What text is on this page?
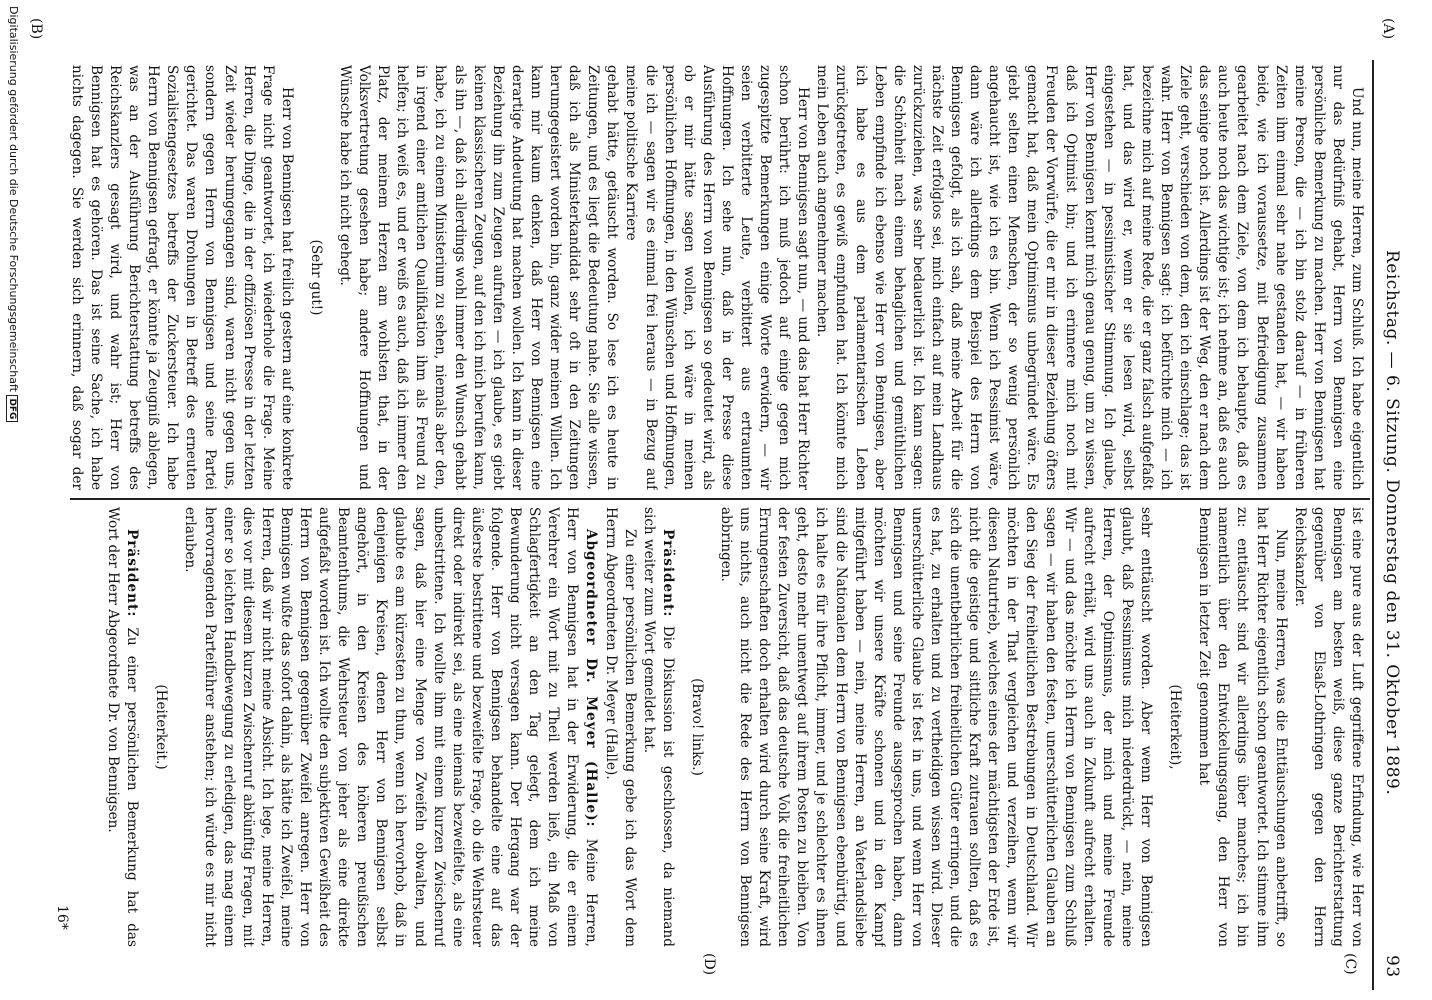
(A)
Reichstag. — 6. Sitzung. Donnerstag den 31. Oktober 1889.
93
(B)
(C)
(D)

Und nun, meine Herren, zum Schluß. Ich habe eigentlich nur das Bedürfniß gehabt, Herrn von Bennigsen eine persönliche Bemerkung zu machen. Herr von Bennigsen hat meine Person, die — ich bin stolz darauf — in früheren Zeiten ihm einmal sehr nahe gestanden hat, — wir haben beide, wie ich voraussetze, mit Befriedigung zusammen gearbeitet nach dem Ziele, von dem ich behaupte, daß es auch heute noch das wichtige ist; ich nehme an, daß es auch das seinige noch ist. Allerdings ist der Weg, den er nach dem Ziele geht, verschieden von dem, den ich einschlage; das ist wahr. Herr von Bennigsen sagt: ich befürchte mich — ich bezeichne mich auf meine Rede, die er ganz falsch aufgefaßt hat, und das wird er, wenn er sie lesen wird, selbst eingestehen — in pessimistischer Stimmung. Ich glaube, Herr von Bennigsen kennt mich genau genug, um zu wissen, daß ich Optimist bin; und ich erinnere mich noch mit Freuden der Vorwürfe, die er mir in dieser Beziehung öfters gemacht hat, daß mein Optimismus unbegründet wäre. Es giebt selten einen Menschen, der so wenig persönlich angehaucht ist, wie ich es bin. Wenn ich Pessimist wäre, dann wäre ich allerdings dem Beispiel des Herrn von Bennigsen gefolgt, als ich sah, daß meine Arbeit für die nächste Zeit erfolglos sei, mich einfach auf mein Landhaus zurückzuziehen, was sehr bedauerlich ist. Ich kann sagen: die Schönheit nach einem behaglichen und gemüthlichen Leben empfinde ich ebenso wie Herr von Bennigsen, aber ich habe es aus dem parlamentarischen Leben zurückgetreten, es gewiß empfunden hat. Ich könnte mich mein Leben auch angenehmer machen.

Herr von Bennigsen sagt nun, — und das hat Herr Richter schon berührt: ich muß jedoch auf einige gegen mich zugespitzte Bemerkungen einige Worte erwidern, — wir seien verbitterte Leute, verbittert aus ertraumten Hoffnungen. Ich sehe nun, daß in der Presse diese Ausführung des Herrn von Bennigsen so gedeutet wird, als ob er mir hätte sagen wollen, ich wäre in meinen persönlichen Hoffnungen, in den Wünschen und Hoffnungen, die ich — sagen wir es einmal frei heraus — in Bezug auf meine politische Karriere

gehabt hätte, getäuscht worden. So lese ich es heute in Zeitungen, und es liegt die Bedeutung nahe. Sie alle wissen, daß ich als Ministerkandidat sehr oft in den Zeitungen herumgegeistert worden bin, ganz wider meinen Willen. Ich kann mir kaum denken, daß Herr von Bennigsen eine derartige Andeutung hat machen wollen. Ich kann in dieser Beziehung ihn zum Zeugen aufrufen — ich glaube, es giebt keinen klassischeren Zeugen, auf den ich mich berufen kann, als ihn —, daß ich allerdings wohl immer den Wunsch gehabt habe, ich zu einem Ministerium zu sehen, niemals aber den, in irgend einer amtlichen Qualifikation ihm als Freund zu helfen; ich weiß es, und er weiß es auch, daß ich immer den Platz, der meinem Herzen am wohlsten that, in der Volksvertretung gesehen habe; andere Hoffnungen und Wünsche habe ich nicht gehegt.

(Sehr gut!)

Herr von Bennigsen hat freilich gestern auf eine konkrete Frage nicht geantwortet, ich wiederhole die Frage. Meine Herren, die Dinge, die in der offiziösen Presse in der letzten Zeit wieder herumgegangen sind, waren nicht gegen uns, sondern gegen Herrn von Bennigsen und seine Partei gerichtet. Das waren Drohungen in Betreff des erneuten Sozialistengesetzes betreffs der Zuckersteuer. Ich habe Herrn von Bennigsen gefragt, er könnte ja Zeugniß ablegen, was an der Ausführung Berichterstattung betreffs des Reichskanzlers gesagt wird, und wahr ist; Herr von Bennigsen hat es gehören. Das ist seine Sache, ich habe nichts dagegen. Sie werden sich erinnern, daß sogar der

ist eine pure aus der Luft gegriffene Erfindung, wie Herr von Bennigsen am besten weiß, diese ganze Berichterstattung gegenüber von Elsaß-Lothringen gegen den Herrn Reichskanzler.

Nun, meine Herren, was die Enttäuschungen anbetrifft, so hat Herr Richter eigentlich schon geantwortet. Ich stimme ihm zu: enttäuscht sind wir allerdings über manches; ich bin namentlich über den Entwickelungsgang, den Herr von Bennigsen in letzter Zeit genommen hat

(Heiterkeit),

sehr enttäuscht worden. Aber wenn Herr von Bennigsen glaubt, daß Pessimismus mich niederdrückt, — nein, meine Herren, der Optimismus, der mich und meine Freunde aufrecht erhält, wird uns auch in Zukunft aufrecht erhalten. Wir — und das möchte ich Herrn von Bennigsen zum Schluß sagen — wir haben den festen, unerschütterlichen Glauben an den Sieg der freiheitlichen Bestrebungen in Deutschland. Wir möchten in der That vergleichen und verzeihen, wenn wir diesen Naturtrieb, welches eines der mächtigsten der Erde ist, nicht die geistige und sittliche Kraft zutrauen sollten, daß es sich die unentbehrlichen freiheitlichen Güter erringen, und die es hat, zu erhalten und zu vertheidigen wissen wird. Dieser unerschütterliche Glaube ist fest in uns, und wenn Herr von Bennigsen und seine Freunde ausgesprochen haben, dann möchten wir unsere Kräfte schonen und in den Kampf mitgeführt haben — nein, meine Herren, an Vaterlandsliebe sind die Nationalen dem Herrn von Bennigsen ebenbürtig, und ich halte es für ihre Pflicht, immer, und je schlechter es ihnen geht, desto mehr unentwegt auf ihrem Posten zu bleiben. Von der festen Zuversicht, daß das deutsche Volk die freiheitlichen Errungenschaften doch erhalten wird durch seine Kraft, wird uns nichts, auch nicht die Rede des Herrn von Bennigsen abbringen.

(Bravo! links.)

Präsident: Die Diskussion ist geschlossen, da niemand sich weiter zum Wort gemeldet hat.

Zu einer persönlichen Bemerkung gebe ich das Wort dem Herrn Abgeordneten Dr. Meyer (Halle).

Abgeordneter Dr. Meyer (Halle): Meine Herren, Herr von Bennigsen hat in der Erwiderung, die er einem Verehrer ein Wort mit zu Theil werden ließ, ein Maß von Schlagfertigkeit an den Tag gelegt, dem ich meine Bewunderung nicht versagen kann. Der Hergang war der folgende. Herr von Bennigsen behandelte eine auf das äußerste bestrittene und bezweifelte Frage, ob die Wehrsteuer direkt oder indirekt sei, als eine niemals bezweifelte, als eine unbestrittene. Ich wollte ihm mit einem kurzen Zwischenruf sagen, daß hier eine Menge von Zweifeln obwalten, und glaubte es am kürzesten zu thun, wenn ich hervorhob, daß in denjenigen Kreisen, denen Herr von Bennigsen selbst angehört, in den Kreisen des höheren preußischen Beamtenthums, die Wehrsteuer von jeher als eine direkte aufgefaßt worden ist. Ich wollte den subjektiven Gewißheit des Herrn von Bennigsen gegenüber Zweifel anregen. Herr von Bennigsen wußte das sofort dahin, als hätte ich Zweifel, meine Herren, daß wir nicht meine Absicht. Ich lege, meine Herren, dies vor mit diesem kurzen Zwischenruf abkünftig Fragen, mit einer so leichten Handbewegung zu erledigen, das mag einem hervorragenden Parteiführer anstehen; ich würde es mir nicht erlauben.

(Heiterkeit.)

Präsident: Zu einer persönlichen Bemerkung hat das Wort der Herr Abgeordnete Dr. von Bennigsen.

16*
Digitalisierung gefördert durch die Deutsche Forschungsgemeinschaft DFG
